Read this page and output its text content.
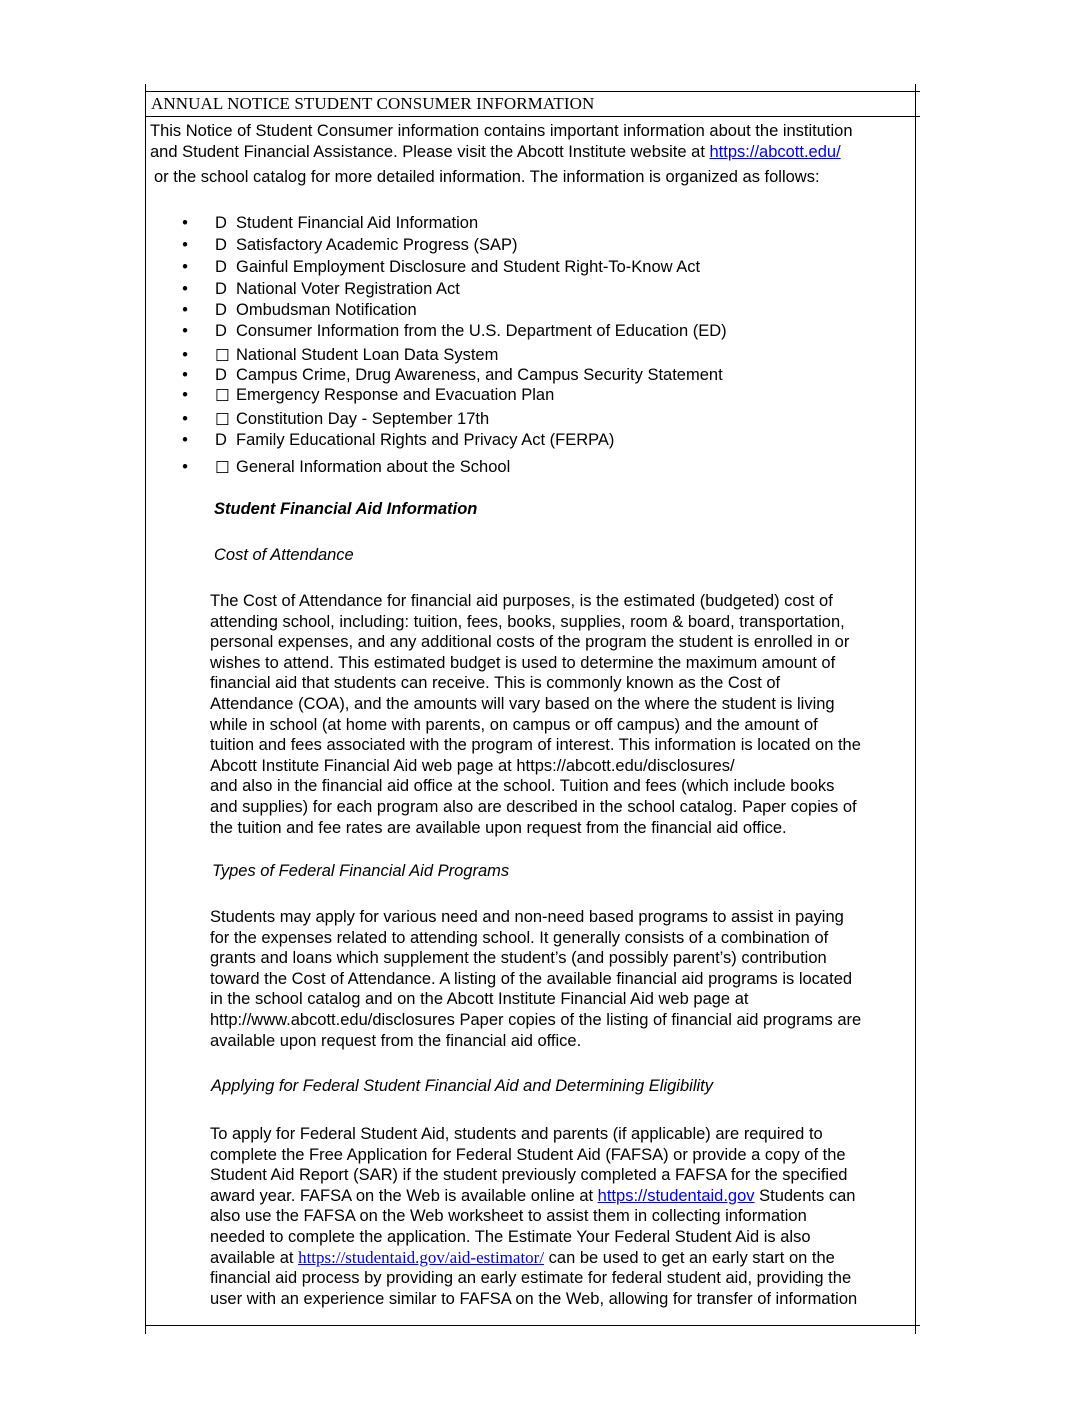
ANNUAL NOTICE STUDENT CONSUMER INFORMATION

This Notice of Student Consumer information contains important information about the institution

and Student Financial Assistance. Please visit the Abcott Institute website at https://abcott.edu/

or the school catalog for more detailed information. The information is organized as follows:

• D Student Financial Aid Information
• D Satisfactory Academic Progress (SAP)
• D Gainful Employment Disclosure and Student Right-To-Know Act
• D National Voter Registration Act
• D Ombudsman Notification
• D Consumer Information from the U.S. Department of Education (ED)
• ☐ National Student Loan Data System
• D Campus Crime, Drug Awareness, and Campus Security Statement
• ☐ Emergency Response and Evacuation Plan
• ☐ Constitution Day - September 17th
• D Family Educational Rights and Privacy Act (FERPA)
• ☐ General Information about the School
Student Financial Aid Information
Cost of Attendance
The Cost of Attendance for financial aid purposes, is the estimated (budgeted) cost of
attending school, including: tuition, fees, books, supplies, room & board, transportation,
personal expenses, and any additional costs of the program the student is enrolled in or
wishes to attend. This estimated budget is used to determine the maximum amount of
financial aid that students can receive. This is commonly known as the Cost of
Attendance (COA), and the amounts will vary based on the where the student is living
while in school (at home with parents, on campus or off campus) and the amount of
tuition and fees associated with the program of interest. This information is located on the
Abcott Institute Financial Aid web page at https://abcott.edu/disclosures/
and also in the financial aid office at the school. Tuition and fees (which include books
and supplies) for each program also are described in the school catalog. Paper copies of
the tuition and fee rates are available upon request from the financial aid office.
Types of Federal Financial Aid Programs
Students may apply for various need and non-need based programs to assist in paying
for the expenses related to attending school. It generally consists of a combination of
grants and loans which supplement the student’s (and possibly parent’s) contribution
toward the Cost of Attendance. A listing of the available financial aid programs is located
in the school catalog and on the Abcott Institute Financial Aid web page at
http://www.abcott.edu/disclosures Paper copies of the listing of financial aid programs are
available upon request from the financial aid office.
Applying for Federal Student Financial Aid and Determining Eligibility
To apply for Federal Student Aid, students and parents (if applicable) are required to
complete the Free Application for Federal Student Aid (FAFSA) or provide a copy of the
Student Aid Report (SAR) if the student previously completed a FAFSA for the specified
award year. FAFSA on the Web is available online at https://studentaid.gov Students can
also use the FAFSA on the Web worksheet to assist them in collecting information
needed to complete the application. The Estimate Your Federal Student Aid is also
available at https://studentaid.gov/aid-estimator/ can be used to get an early start on the
financial aid process by providing an early estimate for federal student aid, providing the
user with an experience similar to FAFSA on the Web, allowing for transfer of information
